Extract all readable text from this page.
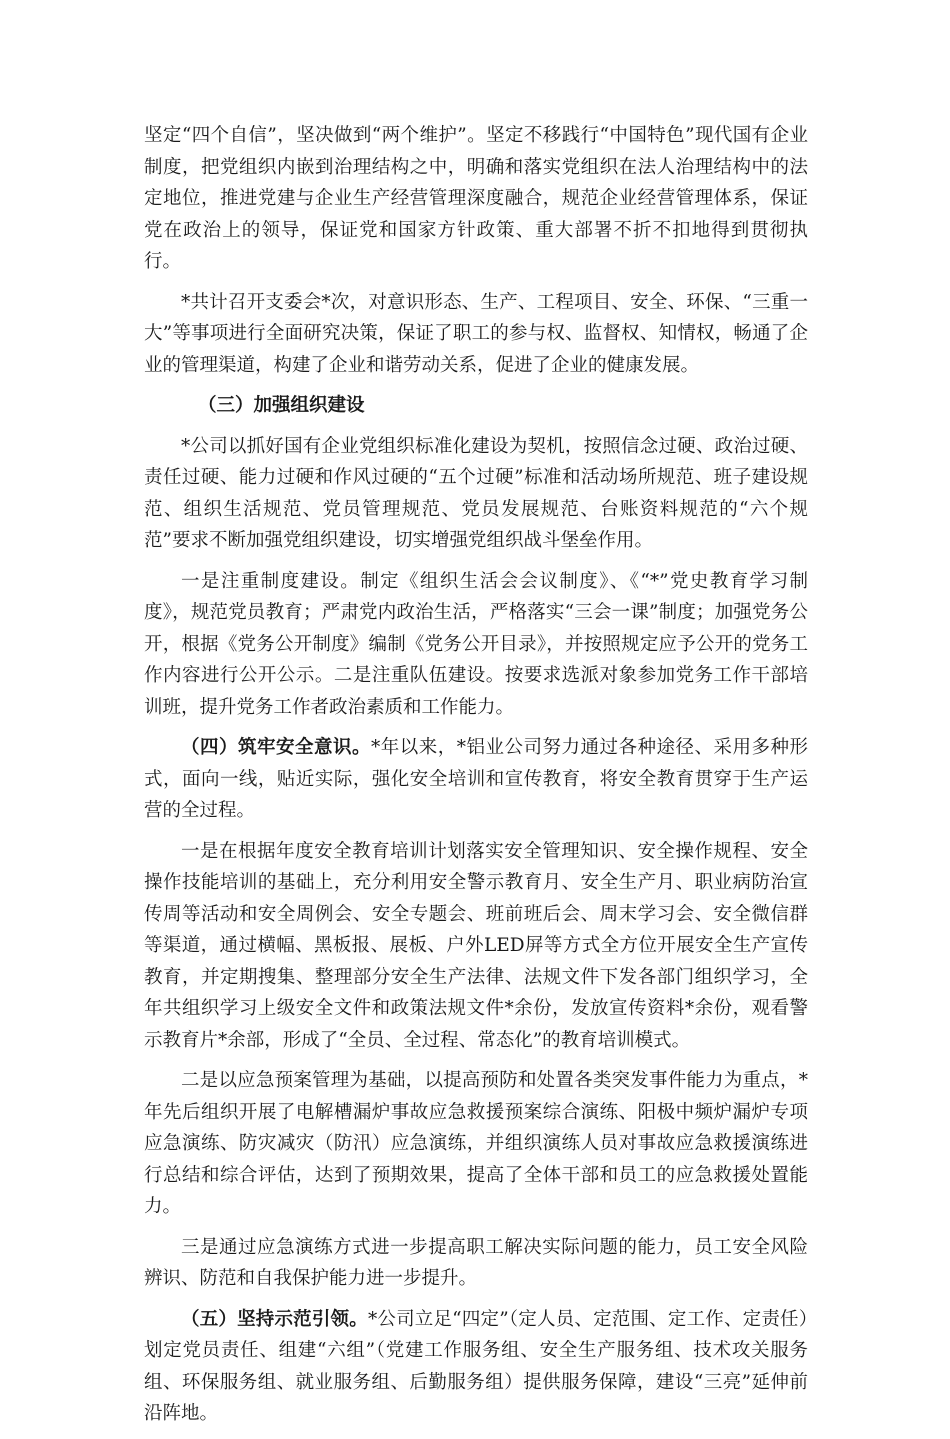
坚定“四个自信”，坚决做到“两个维护”。坚定不移践行“中国特色”现代国有企业制度，把党组织内嵌到治理结构之中，明确和落实党组织在法人治理结构中的法定地位，推进党建与企业生产经营管理深度融合，规范企业经营管理体系，保证党在政治上的领导，保证党和国家方针政策、重大部署不折不扣地得到贯彻执行。

*共计召开支委会*次，对意识形态、生产、工程项目、安全、环保、“三重一大”等事项进行全面研究决策，保证了职工的参与权、监督权、知情权，畅通了企业的管理渠道，构建了企业和谐劳动关系，促进了企业的健康发展。

（三）加强组织建设

*公司以抓好国有企业党组织标准化建设为契机，按照信念过硬、政治过硬、责任过硬、能力过硬和作风过硬的“五个过硬”标准和活动场所规范、班子建设规范、组织生活规范、党员管理规范、党员发展规范、台账资料规范的“六个规范”要求不断加强党组织建设，切实增强党组织战斗堡垒作用。

一是注重制度建设。制定《组织生活会会议制度》、《“*”党史教育学习制度》，规范党员教育；严肃党内政治生活，严格落实“三会一课”制度；加强党务公开，根据《党务公开制度》编制《党务公开目录》，并按照规定应予公开的党务工作内容进行公开公示。二是注重队伍建设。按要求选派对象参加党务工作干部培训班，提升党务工作者政治素质和工作能力。

（四）筑牢安全意识。*年以来，*铝业公司努力通过各种途径、采用多种形式，面向一线，贴近实际，强化安全培训和宣传教育，将安全教育贯穿于生产运营的全过程。

一是在根据年度安全教育培训计划落实安全管理知识、安全操作规程、安全操作技能培训的基础上，充分利用安全警示教育月、安全生产月、职业病防治宣传周等活动和安全周例会、安全专题会、班前班后会、周末学习会、安全微信群等渠道，通过横幅、黑板报、展板、户外LED屏等方式全方位开展安全生产宣传教育，并定期搜集、整理部分安全生产法律、法规文件下发各部门组织学习，全年共组织学习上级安全文件和政策法规文件*余份，发放宣传资料*余份，观看警示教育片*余部，形成了“全员、全过程、常态化”的教育培训模式。

二是以应急预案管理为基础，以提高预防和处置各类突发事件能力为重点，*年先后组织开展了电解槽漏炉事故应急救援预案综合演练、阳极中频炉漏炉专项应急演练、防灾减灾（防汛）应急演练，并组织演练人员对事故应急救援演练进行总结和综合评估，达到了预期效果，提高了全体干部和员工的应急救援处置能力。

三是通过应急演练方式进一步提高职工解决实际问题的能力，员工安全风险辨识、防范和自我保护能力进一步提升。

（五）坚持示范引领。*公司立足“四定”（定人员、定范围、定工作、定责任）划定党员责任、组建“六组”（党建工作服务组、安全生产服务组、技术攻关服务组、环保服务组、就业服务组、后勤服务组）提供服务保障，建设“三亮”延伸前沿阵地。
